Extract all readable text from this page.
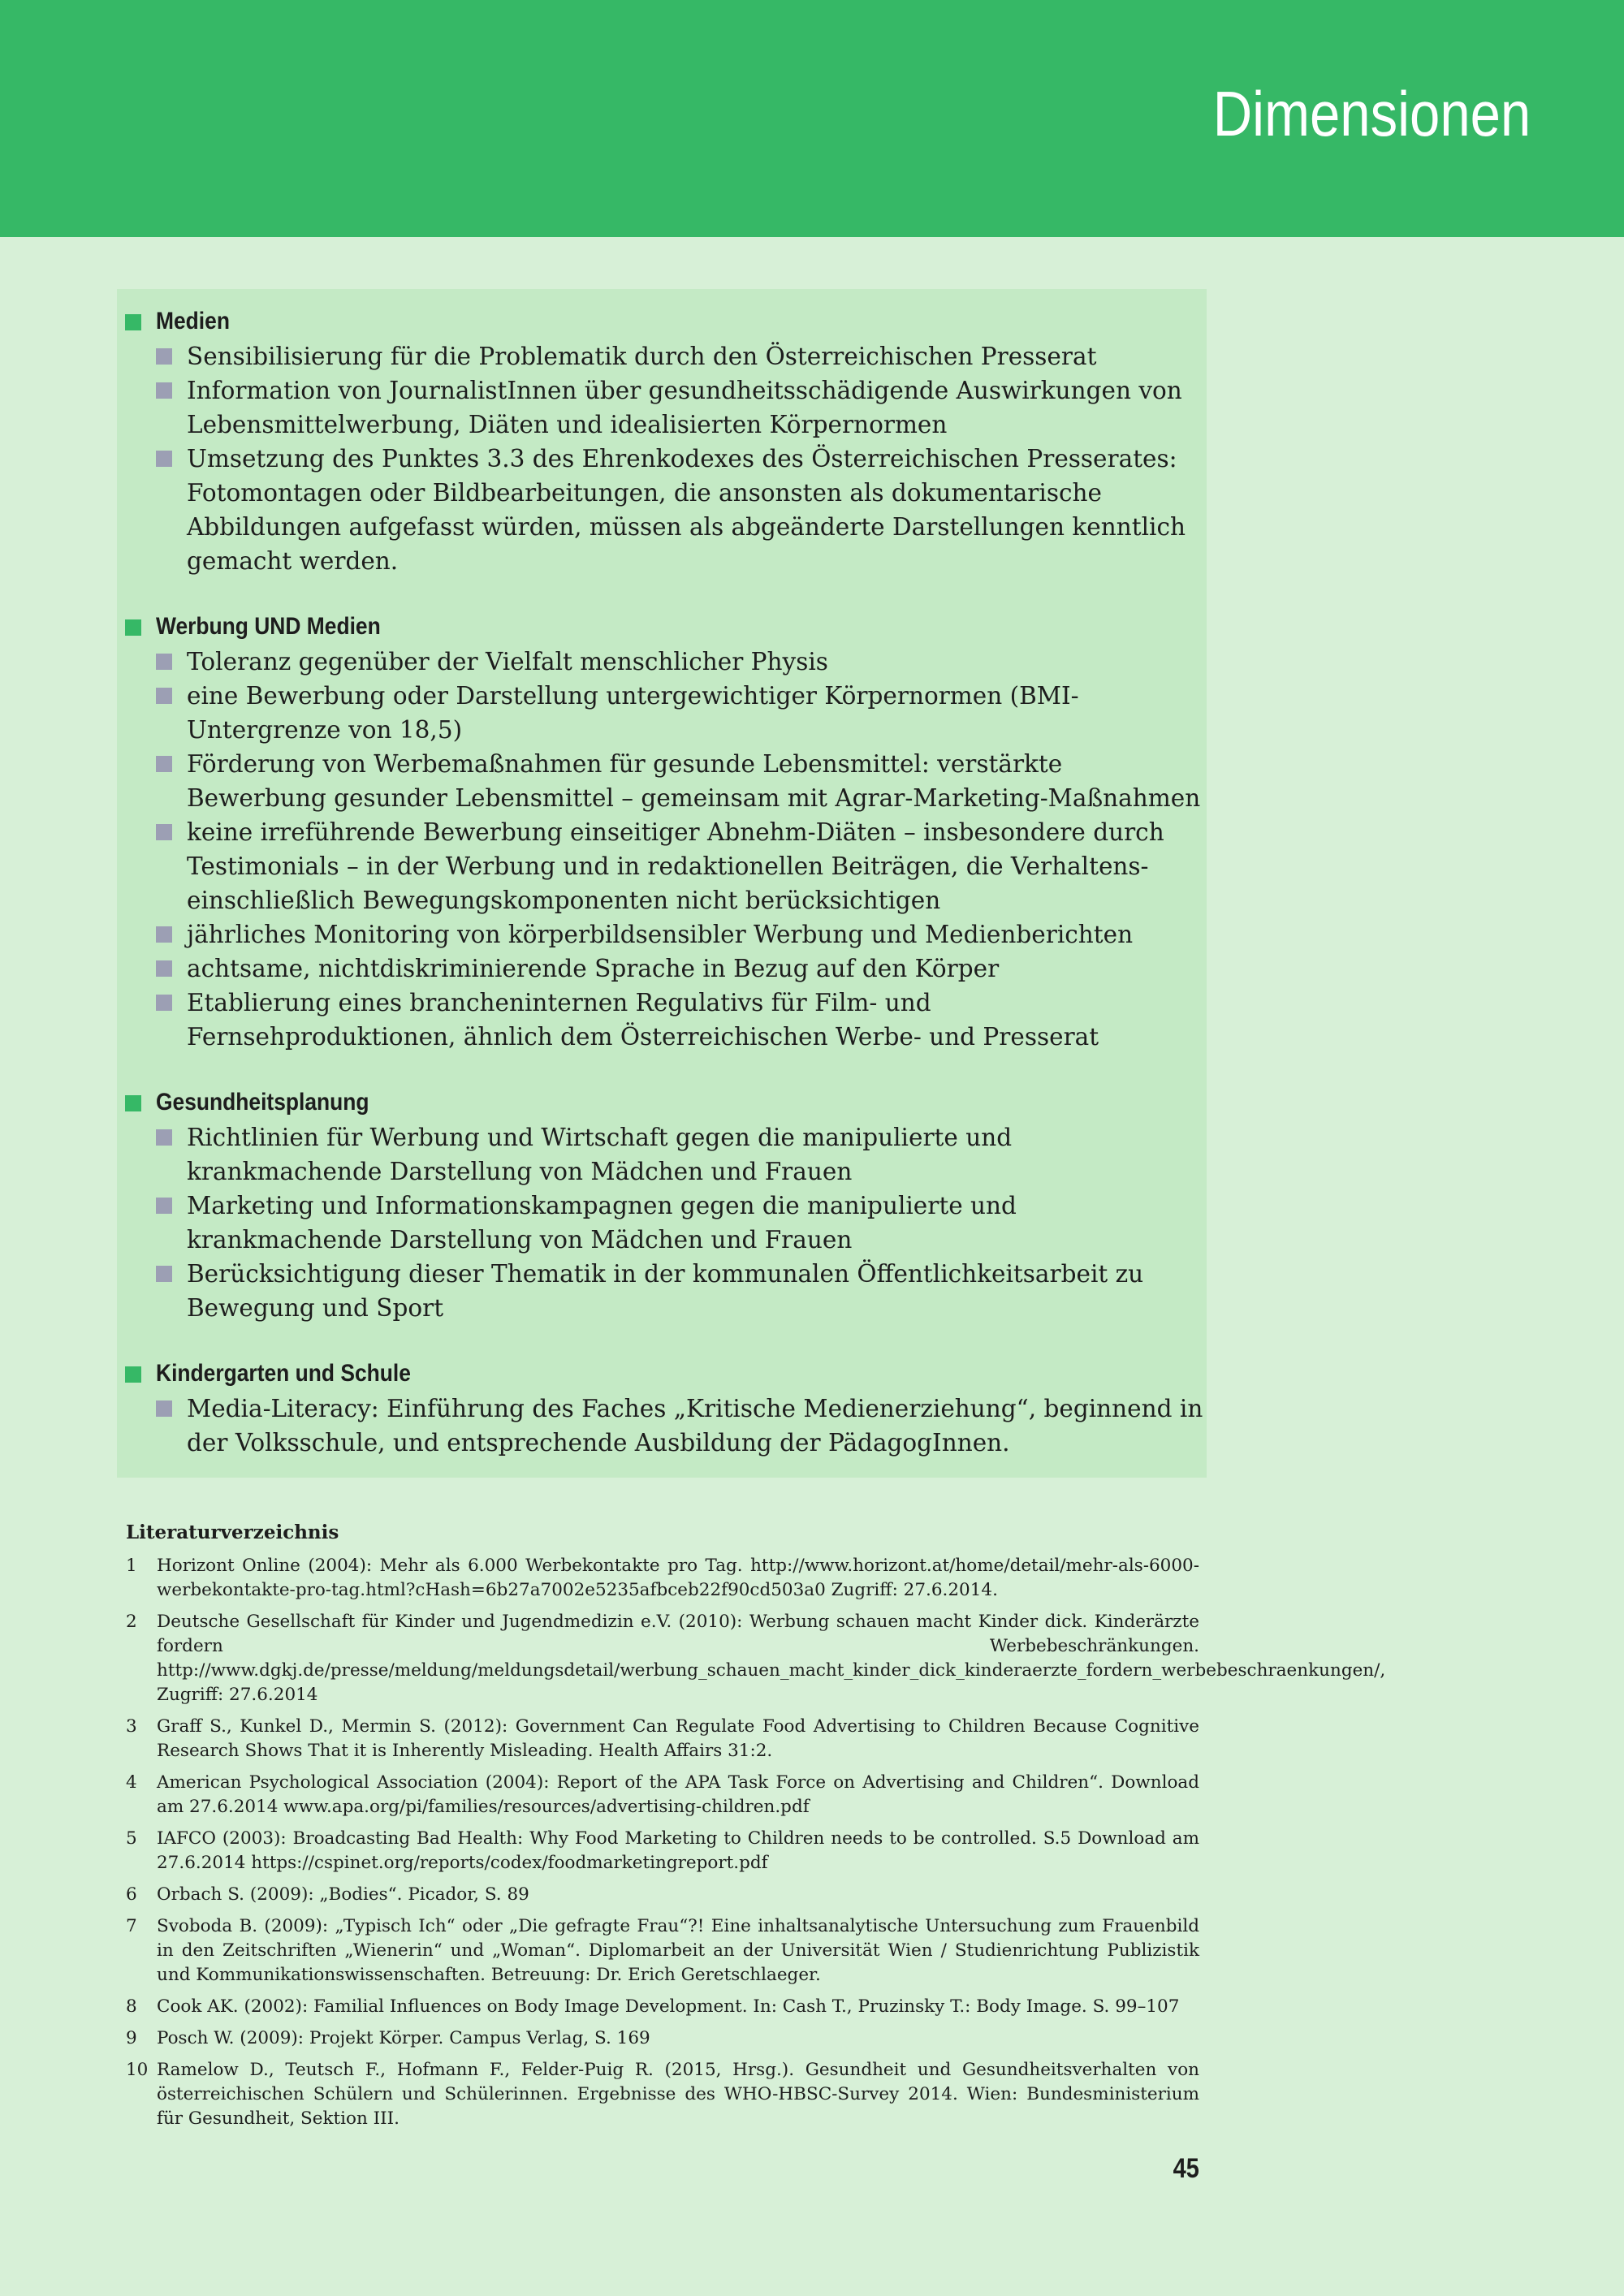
Dimensionen
Medien
Sensibilisierung für die Problematik durch den Österreichischen Presserat
Information von JournalistInnen über gesundheitsschädigende Auswirkungen von Lebensmittelwerbung, Diäten und idealisierten Körpernormen
Umsetzung des Punktes 3.3 des Ehrenkodexes des Österreichischen Presserates: Fotomontagen oder Bildbearbeitungen, die ansonsten als dokumentarische Abbildungen aufgefasst würden, müssen als abgeänderte Darstellungen kenntlich gemacht werden.
Werbung UND Medien
Toleranz gegenüber der Vielfalt menschlicher Physis
eine Bewerbung oder Darstellung untergewichtiger Körpernormen (BMI-Untergrenze von 18,5)
Förderung von Werbemaßnahmen für gesunde Lebensmittel: verstärkte Bewerbung gesunder Lebensmittel – gemeinsam mit Agrar-Marketing-Maßnahmen
keine irreführende Bewerbung einseitiger Abnehm-Diäten – insbesondere durch Testimonials – in der Werbung und in redaktionellen Beiträgen, die Verhaltens- einschließlich Bewegungskomponenten nicht berücksichtigen
jährliches Monitoring von körperbildsensibler Werbung und Medienberichten
achtsame, nichtdiskriminierende Sprache in Bezug auf den Körper
Etablierung eines brancheninternen Regulativs für Film- und Fernsehproduktionen, ähnlich dem Österreichischen Werbe- und Presserat
Gesundheitsplanung
Richtlinien für Werbung und Wirtschaft gegen die manipulierte und krankmachende Darstellung von Mädchen und Frauen
Marketing und Informationskampagnen gegen die manipulierte und krankmachende Darstellung von Mädchen und Frauen
Berücksichtigung dieser Thematik in der kommunalen Öffentlichkeitsarbeit zu Bewegung und Sport
Kindergarten und Schule
Media-Literacy: Einführung des Faches „Kritische Medienerziehung“, beginnend in der Volksschule, und entsprechende Ausbildung der PädagogInnen.
Literaturverzeichnis
1 Horizont Online (2004): Mehr als 6.000 Werbekontakte pro Tag. http://www.horizont.at/home/detail/mehr-als-6000-werbekontakte-pro-tag.html?cHash=6b27a7002e5235afbceb22f90cd503a0 Zugriff: 27.6.2014.
2 Deutsche Gesellschaft für Kinder und Jugendmedizin e.V. (2010): Werbung schauen macht Kinder dick. Kinderärzte fordern Werbebeschränkungen. http://www.dgkj.de/presse/meldung/meldungsdetail/werbung_schauen_macht_kinder_dick_kinderaerzte_fordern_werbebeschraenkungen/, Zugriff: 27.6.2014
3 Graff S., Kunkel D., Mermin S. (2012): Government Can Regulate Food Advertising to Children Because Cognitive Research Shows That it is Inherently Misleading. Health Affairs 31:2.
4 American Psychological Association (2004): Report of the APA Task Force on Advertising and Children“. Download am 27.6.2014 www.apa.org/pi/families/resources/advertising-children.pdf
5 IAFCO (2003): Broadcasting Bad Health: Why Food Marketing to Children needs to be controlled. S.5 Download am 27.6.2014 https://cspinet.org/reports/codex/foodmarketingreport.pdf
6 Orbach S. (2009): „Bodies“. Picador, S. 89
7 Svoboda B. (2009): „Typisch Ich“ oder „Die gefragte Frau“?! Eine inhaltsanalytische Untersuchung zum Frauenbild in den Zeitschriften „Wienerin“ und „Woman“. Diplomarbeit an der Universität Wien / Studienrichtung Publizistik und Kommunikationswissenschaften. Betreuung: Dr. Erich Geretschlaeger.
8 Cook AK. (2002): Familial Influences on Body Image Development. In: Cash T., Pruzinsky T.: Body Image. S. 99–107
9 Posch W. (2009): Projekt Körper. Campus Verlag, S. 169
10 Ramelow D., Teutsch F., Hofmann F., Felder-Puig R. (2015, Hrsg.). Gesundheit und Gesundheitsverhalten von österreichischen Schülern und Schülerinnen. Ergebnisse des WHO-HBSC-Survey 2014. Wien: Bundesministerium für Gesundheit, Sektion III.
45
